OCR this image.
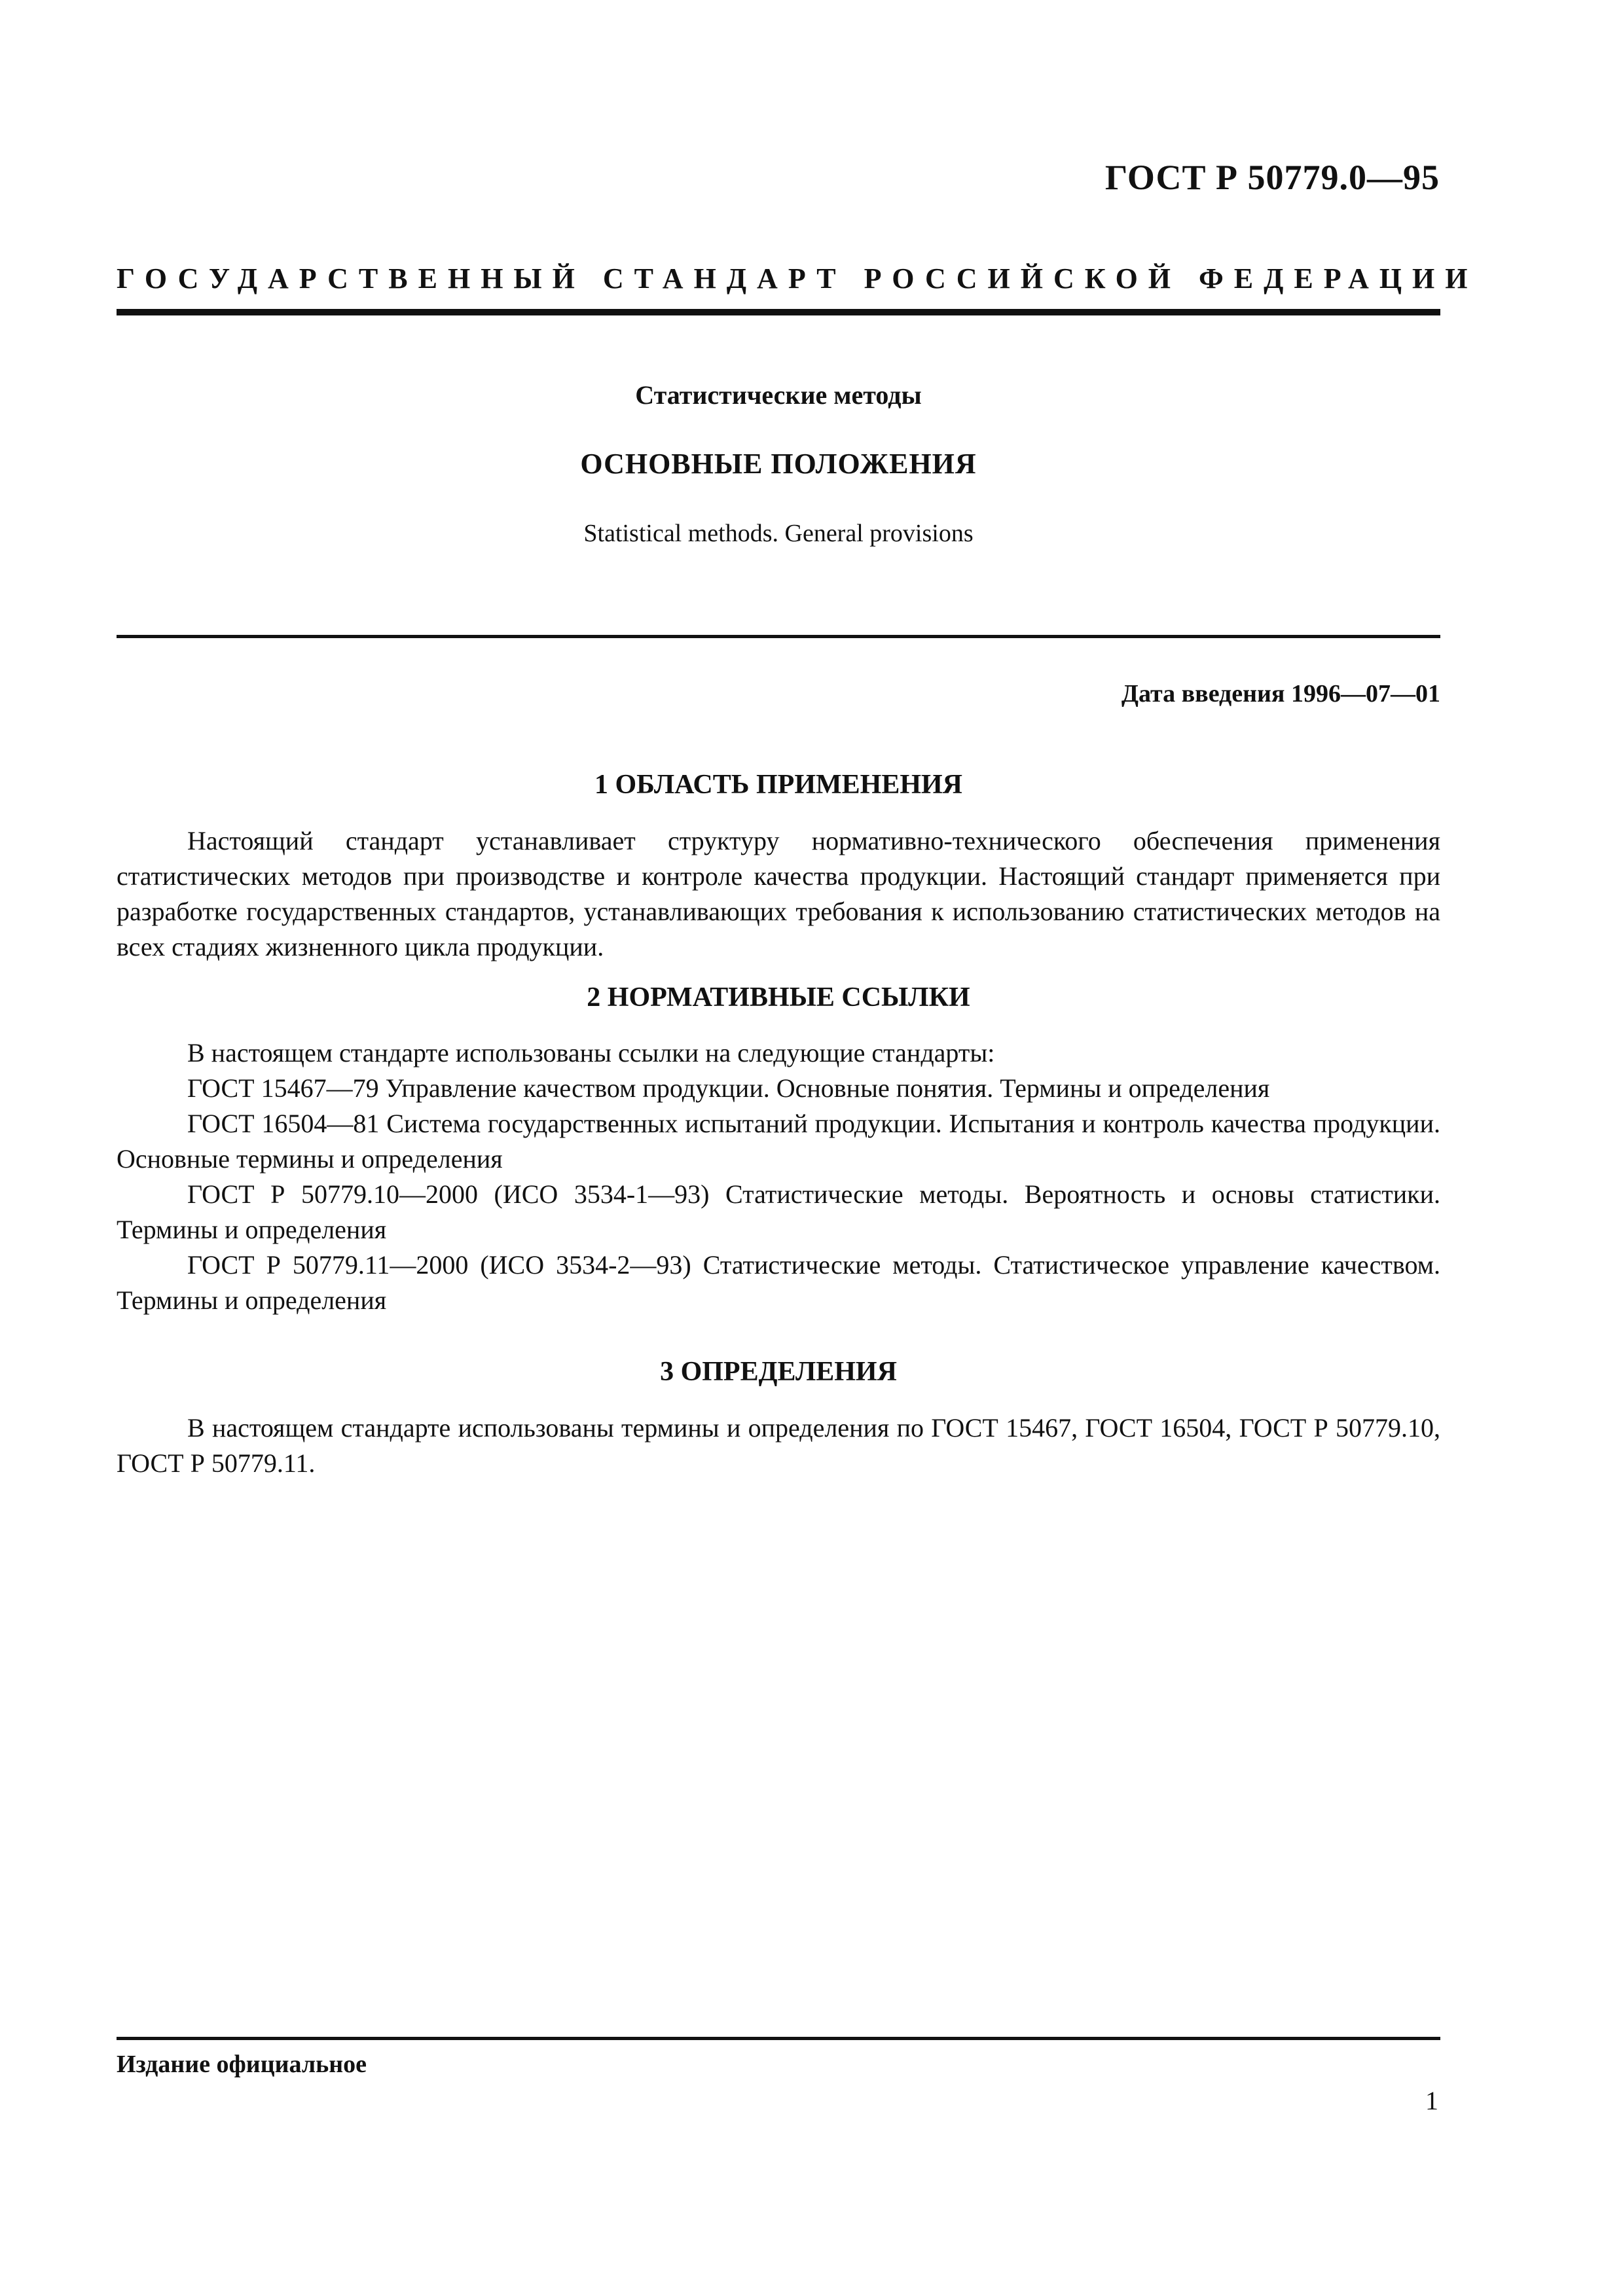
ГОСТ Р 50779.0—95
ГОСУДАРСТВЕННЫЙ СТАНДАРТ РОССИЙСКОЙ ФЕДЕРАЦИИ
Статистические методы
ОСНОВНЫЕ ПОЛОЖЕНИЯ
Statistical methods. General provisions
Дата введения 1996—07—01
1 ОБЛАСТЬ ПРИМЕНЕНИЯ

Настоящий стандарт устанавливает структуру нормативно-технического обеспечения применения статистических методов при производстве и контроле качества продукции. Настоящий стандарт применяется при разработке государственных стандартов, устанавливающих требования к использованию статистических методов на всех стадиях жизненного цикла продукции.

2 НОРМАТИВНЫЕ ССЫЛКИ

В настоящем стандарте использованы ссылки на следующие стандарты:

ГОСТ 15467—79 Управление качеством продукции. Основные понятия. Термины и определения

ГОСТ 16504—81 Система государственных испытаний продукции. Испытания и контроль качества продукции. Основные термины и определения

ГОСТ Р 50779.10—2000 (ИСО 3534-1—93) Статистические методы. Вероятность и основы статистики. Термины и определения

ГОСТ Р 50779.11—2000 (ИСО 3534-2—93) Статистические методы. Статистическое управление качеством. Термины и определения

3 ОПРЕДЕЛЕНИЯ

В настоящем стандарте использованы термины и определения по ГОСТ 15467, ГОСТ 16504, ГОСТ Р 50779.10, ГОСТ Р 50779.11.

Издание официальное
1
